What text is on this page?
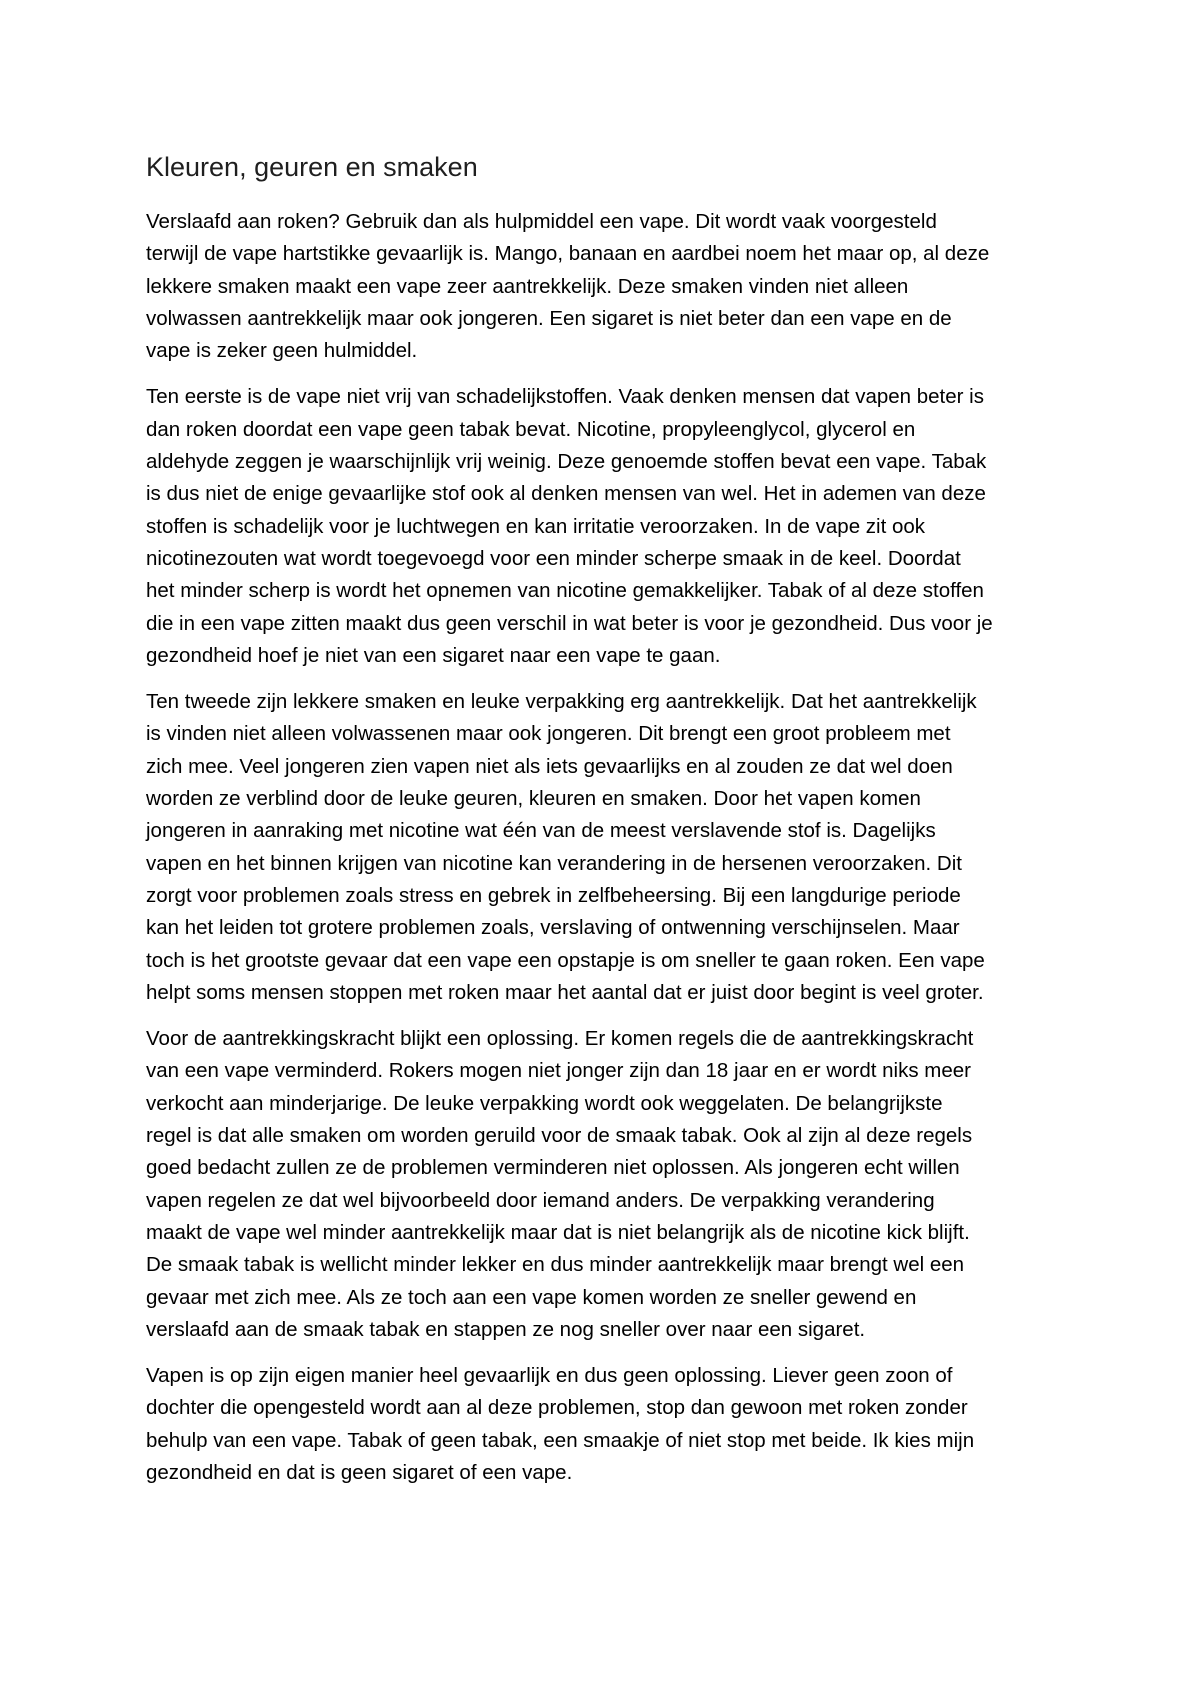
Kleuren, geuren en smaken

Verslaafd aan roken? Gebruik dan als hulpmiddel een vape. Dit wordt vaak voorgesteld
terwijl de vape hartstikke gevaarlijk is. Mango, banaan en aardbei noem het maar op, al deze
lekkere smaken maakt een vape zeer aantrekkelijk. Deze smaken vinden niet alleen
volwassen aantrekkelijk maar ook jongeren. Een sigaret is niet beter dan een vape en de
vape is zeker geen hulmiddel.

Ten eerste is de vape niet vrij van schadelijkstoffen. Vaak denken mensen dat vapen beter is
dan roken doordat een vape geen tabak bevat. Nicotine, propyleenglycol, glycerol en
aldehyde zeggen je waarschijnlijk vrij weinig. Deze genoemde stoffen bevat een vape. Tabak
is dus niet de enige gevaarlijke stof ook al denken mensen van wel. Het in ademen van deze
stoffen is schadelijk voor je luchtwegen en kan irritatie veroorzaken. In de vape zit ook
nicotinezouten wat wordt toegevoegd voor een minder scherpe smaak in de keel. Doordat
het minder scherp is wordt het opnemen van nicotine gemakkelijker. Tabak of al deze stoffen
die in een vape zitten maakt dus geen verschil in wat beter is voor je gezondheid. Dus voor je
gezondheid hoef je niet van een sigaret naar een vape te gaan.

Ten tweede zijn lekkere smaken en leuke verpakking erg aantrekkelijk. Dat het aantrekkelijk
is vinden niet alleen volwassenen maar ook jongeren. Dit brengt een groot probleem met
zich mee. Veel jongeren zien vapen niet als iets gevaarlijks en al zouden ze dat wel doen
worden ze verblind door de leuke geuren, kleuren en smaken. Door het vapen komen
jongeren in aanraking met nicotine wat één van de meest verslavende stof is. Dagelijks
vapen en het binnen krijgen van nicotine kan verandering in de hersenen veroorzaken. Dit
zorgt voor problemen zoals stress en gebrek in zelfbeheersing. Bij een langdurige periode
kan het leiden tot grotere problemen zoals, verslaving of ontwenning verschijnselen. Maar
toch is het grootste gevaar dat een vape een opstapje is om sneller te gaan roken. Een vape
helpt soms mensen stoppen met roken maar het aantal dat er juist door begint is veel groter.

Voor de aantrekkingskracht blijkt een oplossing. Er komen regels die de aantrekkingskracht
van een vape verminderd. Rokers mogen niet jonger zijn dan 18 jaar en er wordt niks meer
verkocht aan minderjarige. De leuke verpakking wordt ook weggelaten. De belangrijkste
regel is dat alle smaken om worden geruild voor de smaak tabak. Ook al zijn al deze regels
goed bedacht zullen ze de problemen verminderen niet oplossen. Als jongeren echt willen
vapen regelen ze dat wel bijvoorbeeld door iemand anders. De verpakking verandering
maakt de vape wel minder aantrekkelijk maar dat is niet belangrijk als de nicotine kick blijft.
De smaak tabak is wellicht minder lekker en dus minder aantrekkelijk maar brengt wel een
gevaar met zich mee. Als ze toch aan een vape komen worden ze sneller gewend en
verslaafd aan de smaak tabak en stappen ze nog sneller over naar een sigaret.

Vapen is op zijn eigen manier heel gevaarlijk en dus geen oplossing. Liever geen zoon of
dochter die opengesteld wordt aan al deze problemen, stop dan gewoon met roken zonder
behulp van een vape. Tabak of geen tabak, een smaakje of niet stop met beide. Ik kies mijn
gezondheid en dat is geen sigaret of een vape.
